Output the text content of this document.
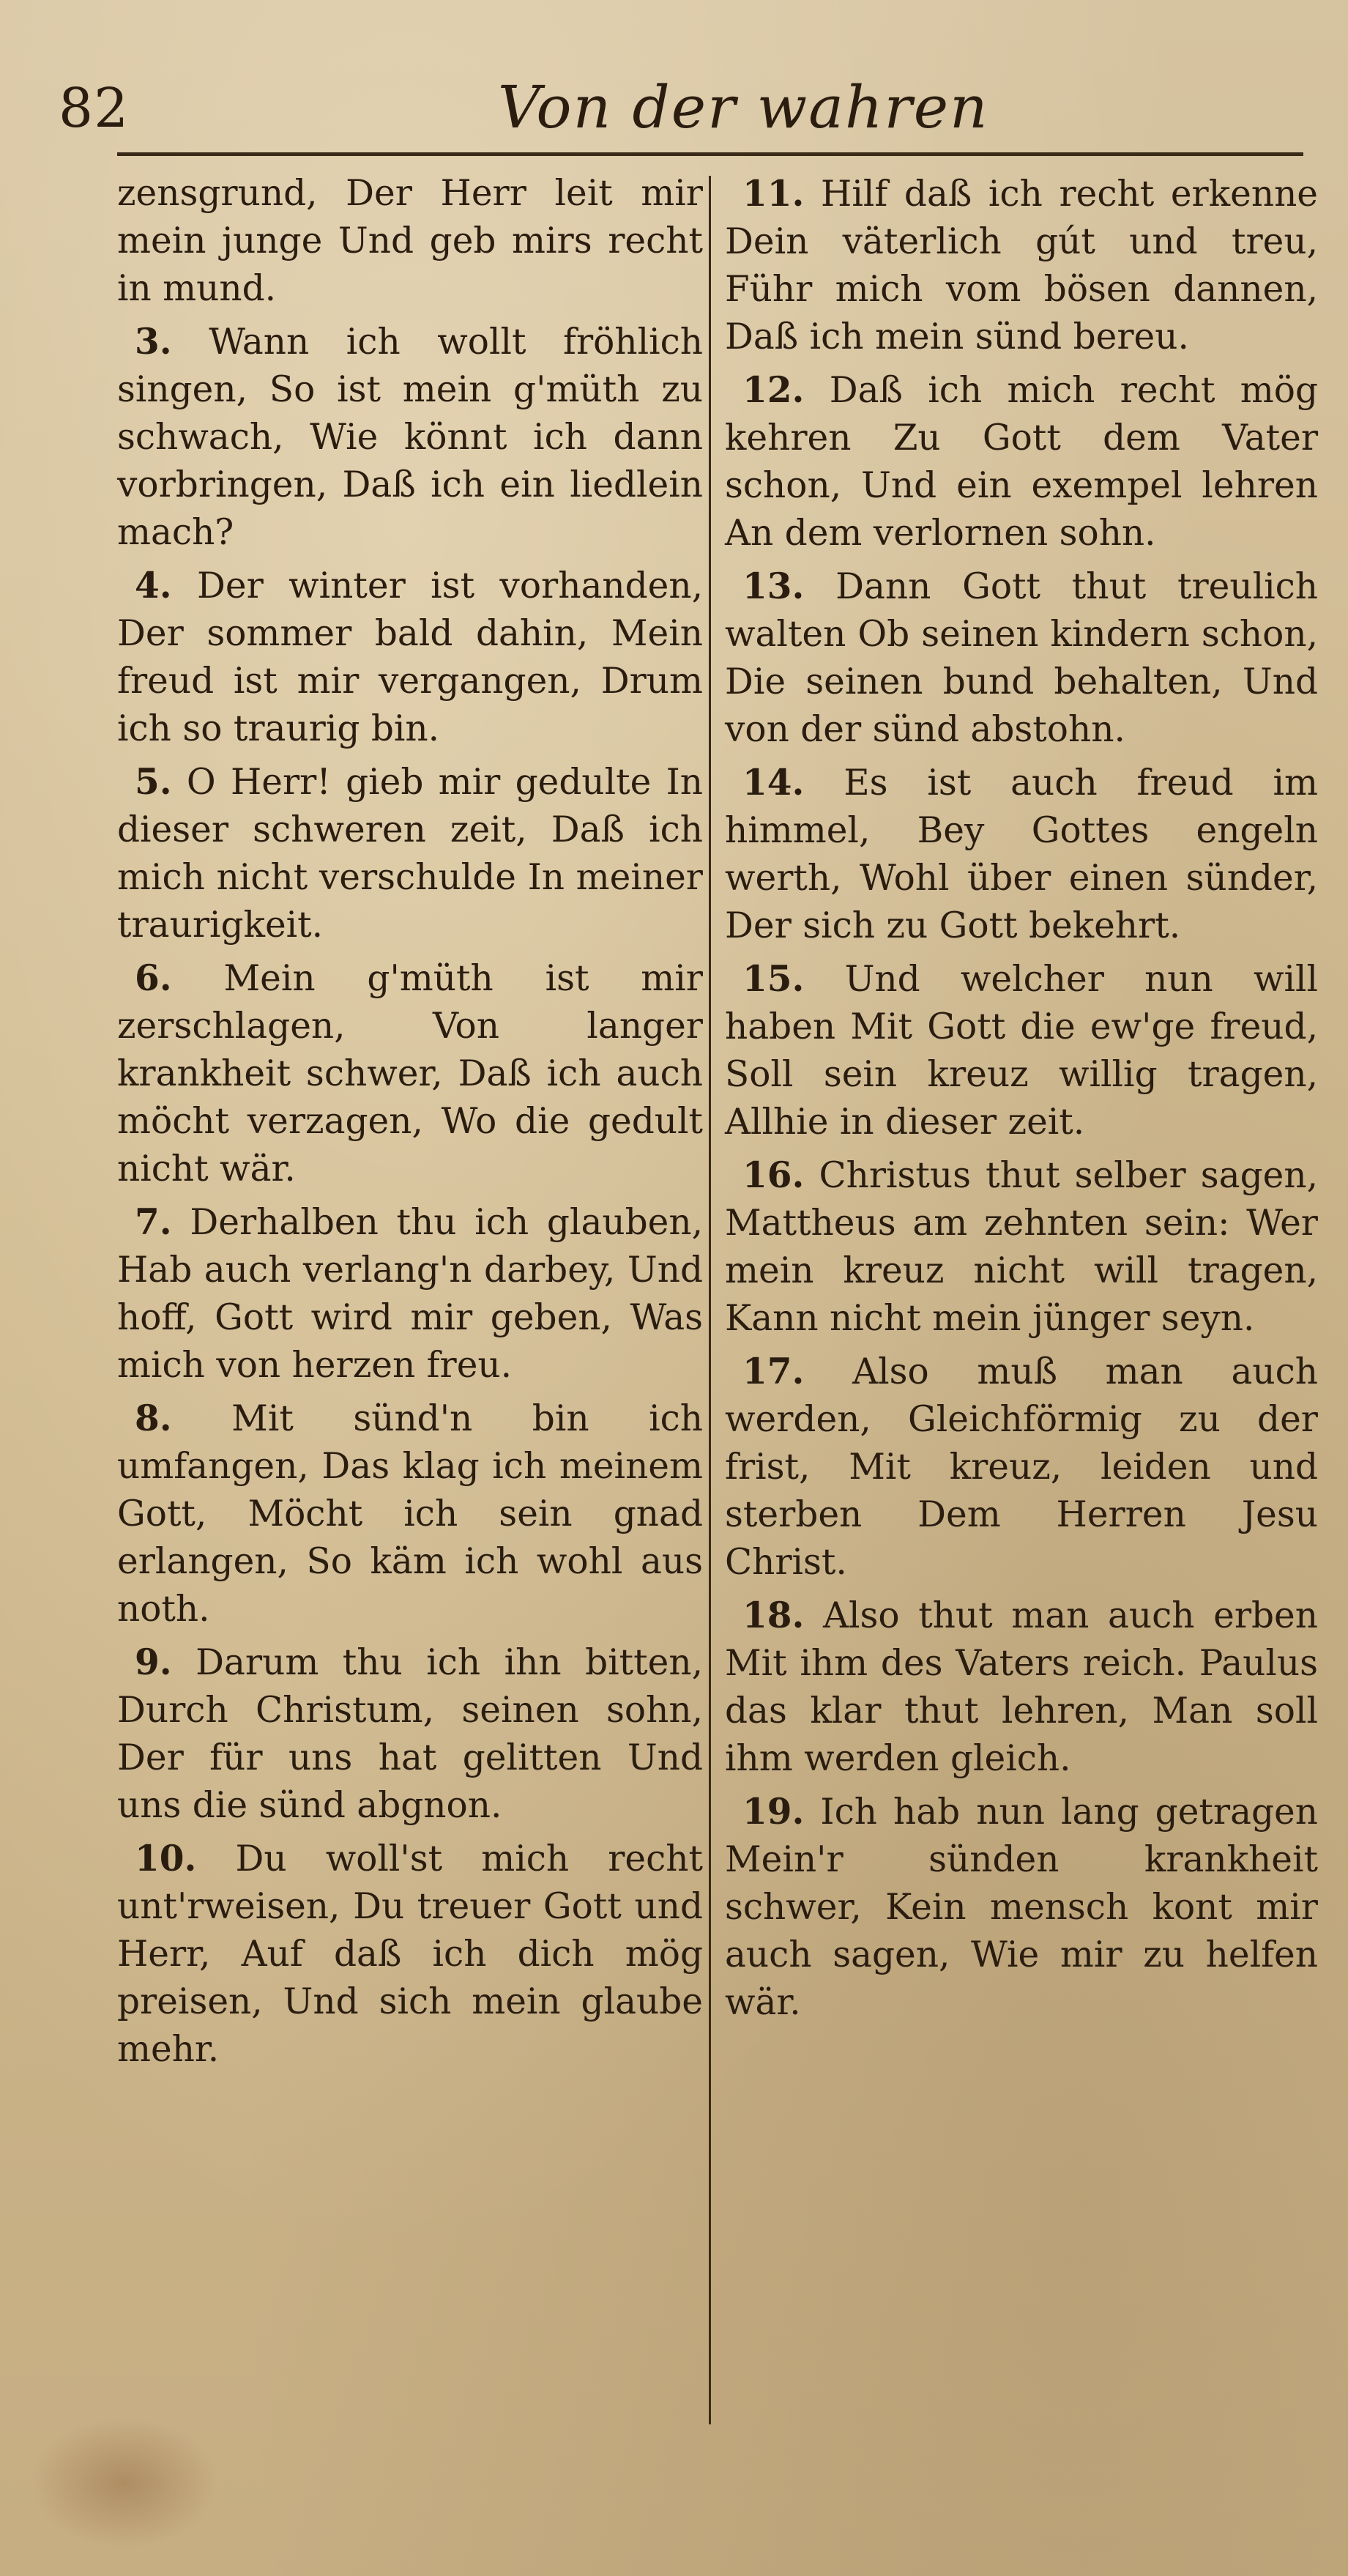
82	Von der wahren

zensgrund, Der Herr leit mir mein junge Und geb mirs recht in mund.

3. Wann ich wollt fröhlich singen, So ist mein g'müth zu schwach, Wie könnt ich dann vorbringen, Daß ich ein liedlein mach?

4. Der winter ist vorhanden, Der sommer bald dahin, Mein freud ist mir vergangen, Drum ich so traurig bin.

5. O Herr! gieb mir gedulte In dieser schweren zeit, Daß ich mich nicht verschulde In meiner traurigkeit.

6. Mein g'müth ist mir zerschlagen, Von langer krankheit schwer, Daß ich auch möcht verzagen, Wo die gedult nicht wär.

7. Derhalben thu ich glauben, Hab auch verlang'n darbey, Und hoff, Gott wird mir geben, Was mich von herzen freu.

8. Mit sünd'n bin ich umfangen, Das klag ich meinem Gott, Möcht ich sein gnad erlangen, So käm ich wohl aus noth.

9. Darum thu ich ihn bitten, Durch Christum, seinen sohn, Der für uns hat gelitten Und uns die sünd abgnon.

10. Du woll'st mich recht unt'rweisen, Du treuer Gott und Herr, Auf daß ich dich mög preisen, Und sich mein glaube mehr.

11. Hilf daß ich recht erkenne Dein väterlich gút und treu, Führ mich vom bösen dannen, Daß ich mein sünd bereu.

12. Daß ich mich recht mög kehren Zu Gott dem Vater schon, Und ein exempel lehren An dem verlornen sohn.

13. Dann Gott thut treulich walten Ob seinen kindern schon, Die seinen bund behalten, Und von der sünd abstohn.

14. Es ist auch freud im himmel, Bey Gottes engeln werth, Wohl über einen sünder, Der sich zu Gott bekehrt.

15. Und welcher nun will haben Mit Gott die ew'ge freud, Soll sein kreuz willig tragen, Allhie in dieser zeit.

16. Christus thut selber sagen, Mattheus am zehnten sein: Wer mein kreuz nicht will tragen, Kann nicht mein jünger seyn.

17. Also muß man auch werden, Gleichförmig zu der frist, Mit kreuz, leiden und sterben Dem Herren Jesu Christ.

18. Also thut man auch erben Mit ihm des Vaters reich. Paulus das klar thut lehren, Man soll ihm werden gleich.

19. Ich hab nun lang getragen Mein'r sünden krankheit schwer, Kein mensch kont mir auch sagen, Wie mir zu helfen wär.
